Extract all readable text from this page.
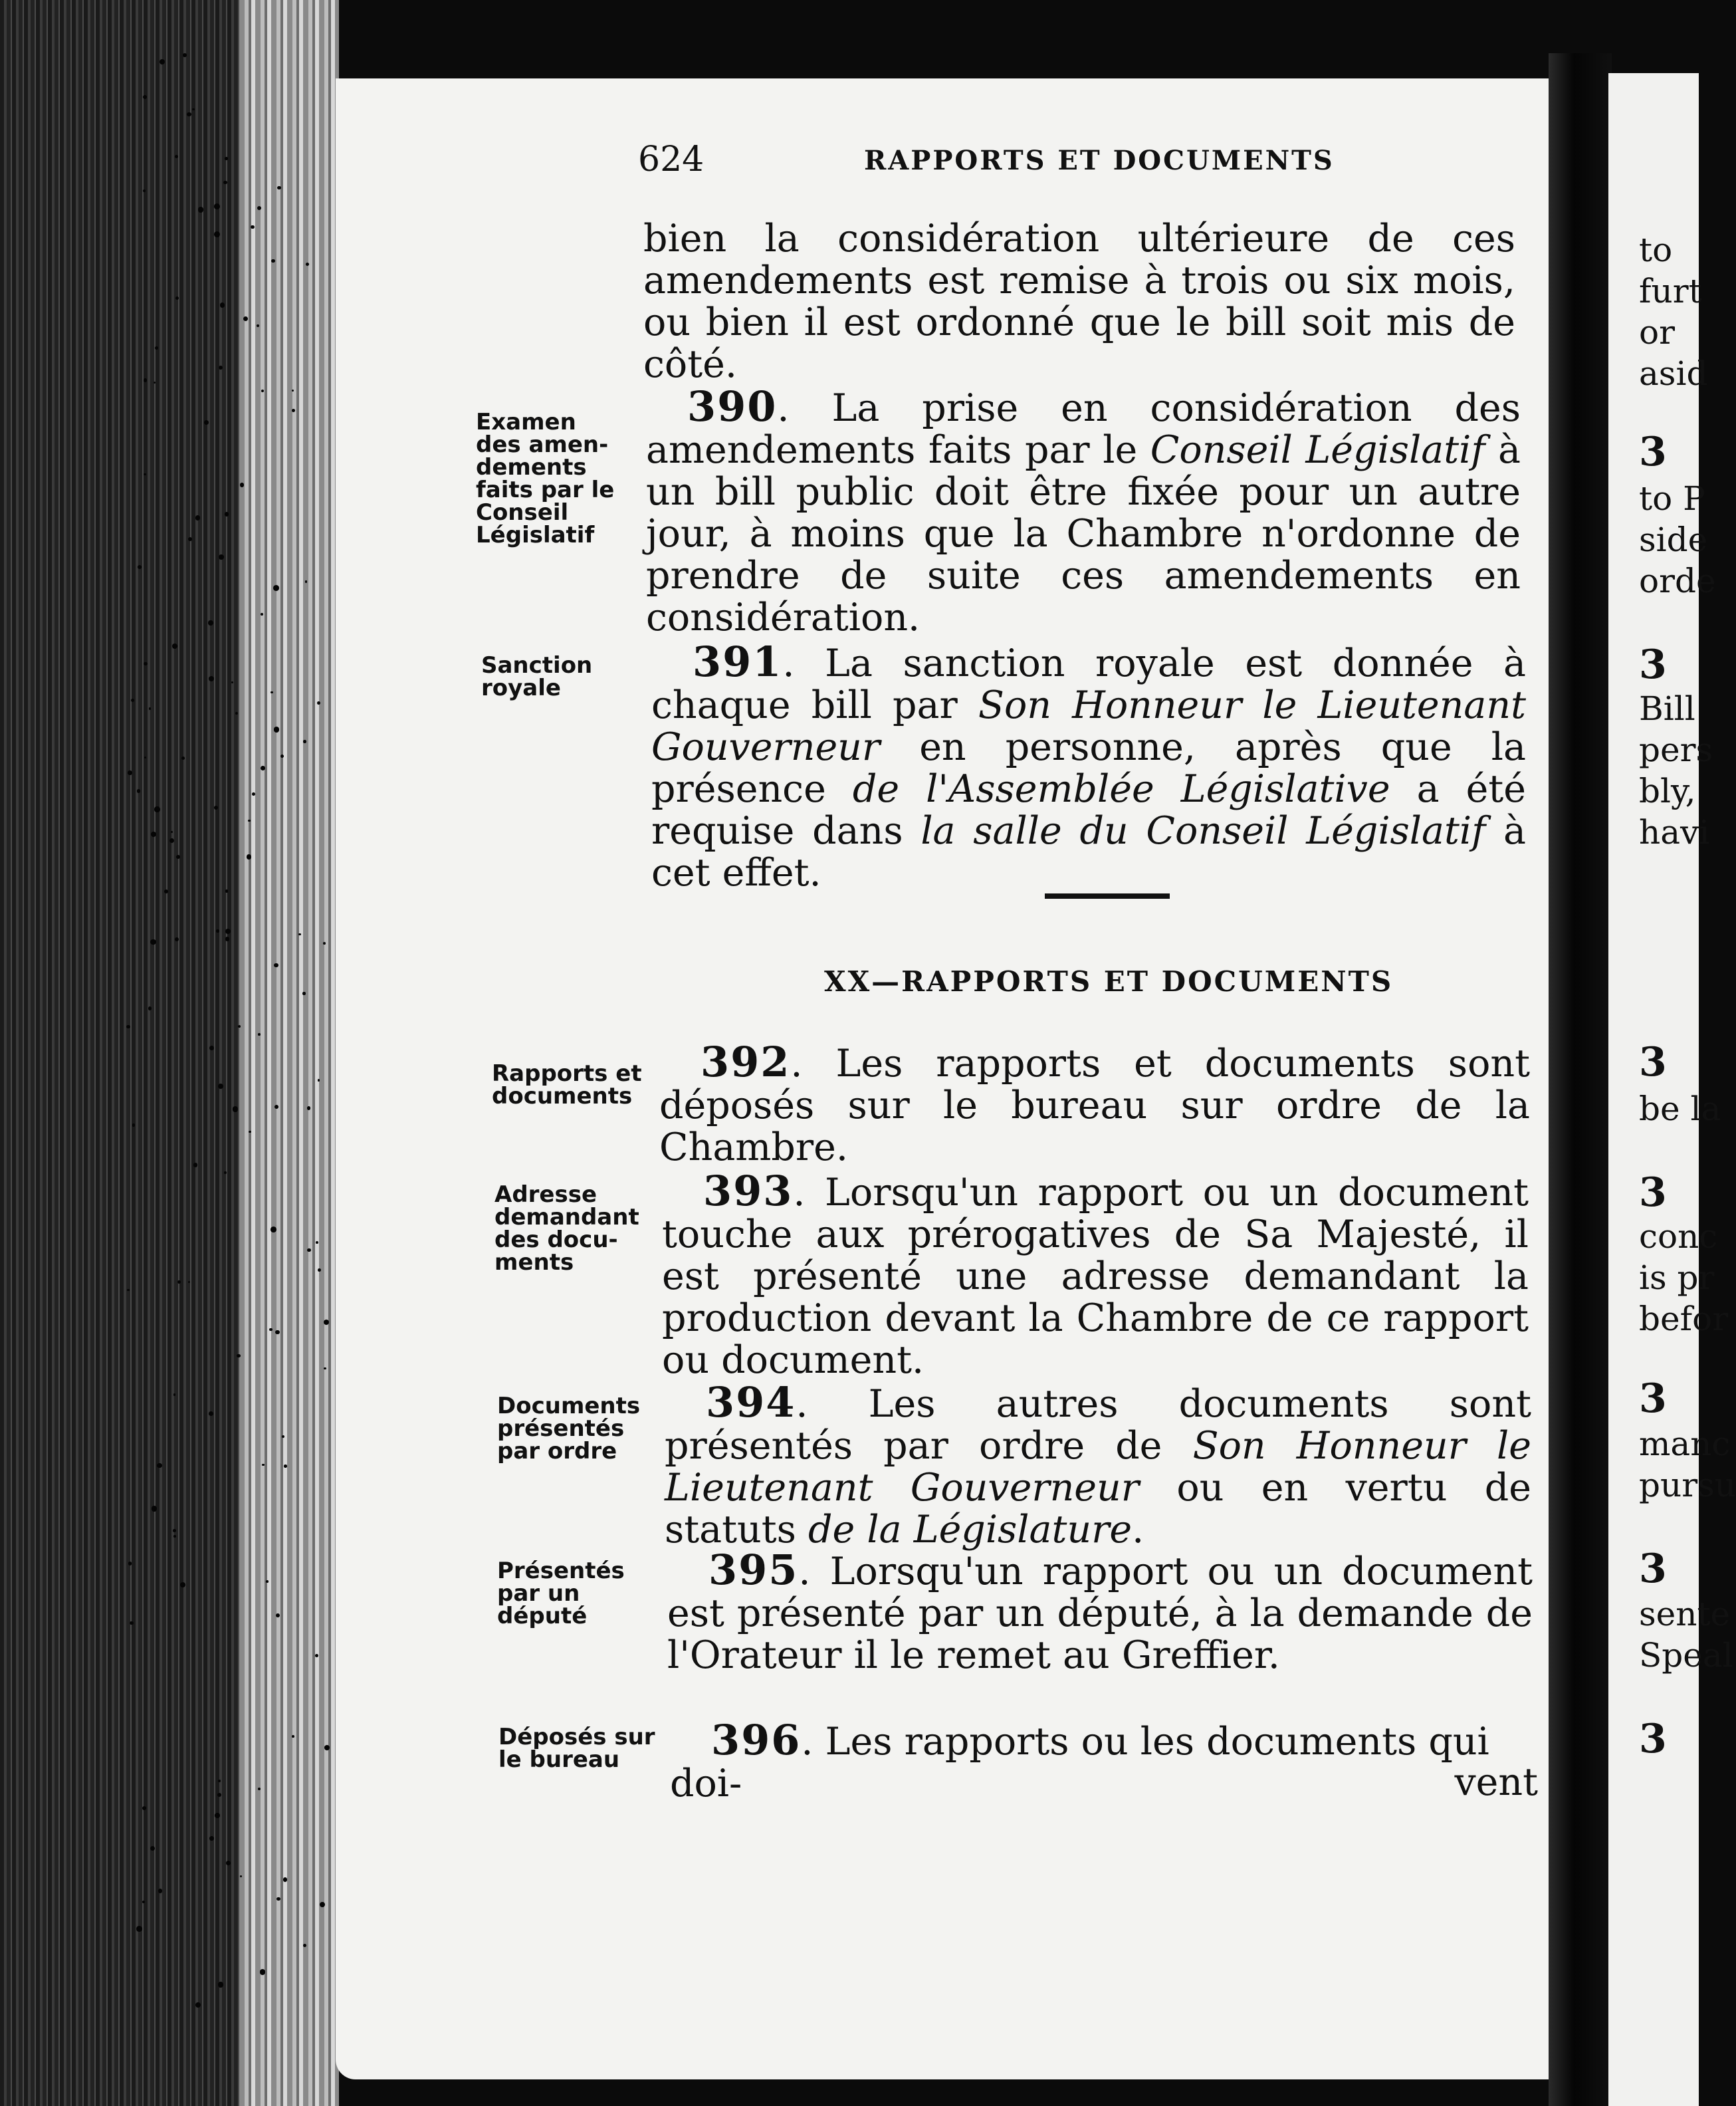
to
furt
or
asid
3
to P
side
orde
3
Bill
pers
bly,
havi
3
be la
3
conc
is pr
befor
3
manc
pursu
3
sente
Speal
3
624	RAPPORTS ET DOCUMENTS
bien la considération ultérieure de ces amendements est remise à trois ou six mois, ou bien il est ordonné que le bill soit mis de côté.
Examen
des amen-
dements
faits par le
Conseil
Législatif
390. La prise en considération des amendements faits par le Conseil Législatif à un bill public doit être fixée pour un autre jour, à moins que la Chambre n'ordonne de prendre de suite ces amendements en considération.
Sanction
royale
391. La sanction royale est donnée à chaque bill par Son Honneur le Lieutenant Gouverneur en personne, après que la présence de l'Assemblée Législative a été requise dans la salle du Conseil Législatif à cet effet.
XX—RAPPORTS ET DOCUMENTS
Rapports et
documents
392. Les rapports et documents sont déposés sur le bureau sur ordre de la Chambre.
Adresse
demandant
des docu-
ments
393. Lorsqu'un rapport ou un document touche aux prérogatives de Sa Majesté, il est présenté une adresse demandant la production devant la Chambre de ce rapport ou document.
Documents
présentés
par ordre
394. Les autres documents sont présentés par ordre de Son Honneur le Lieutenant Gouverneur ou en vertu de statuts de la Législature.
Présentés
par un
député
395. Lorsqu'un rapport ou un document est présenté par un député, à la demande de l'Orateur il le remet au Greffier.
Déposés sur
le bureau	396. Les rapports ou les documents qui doi-	vent
